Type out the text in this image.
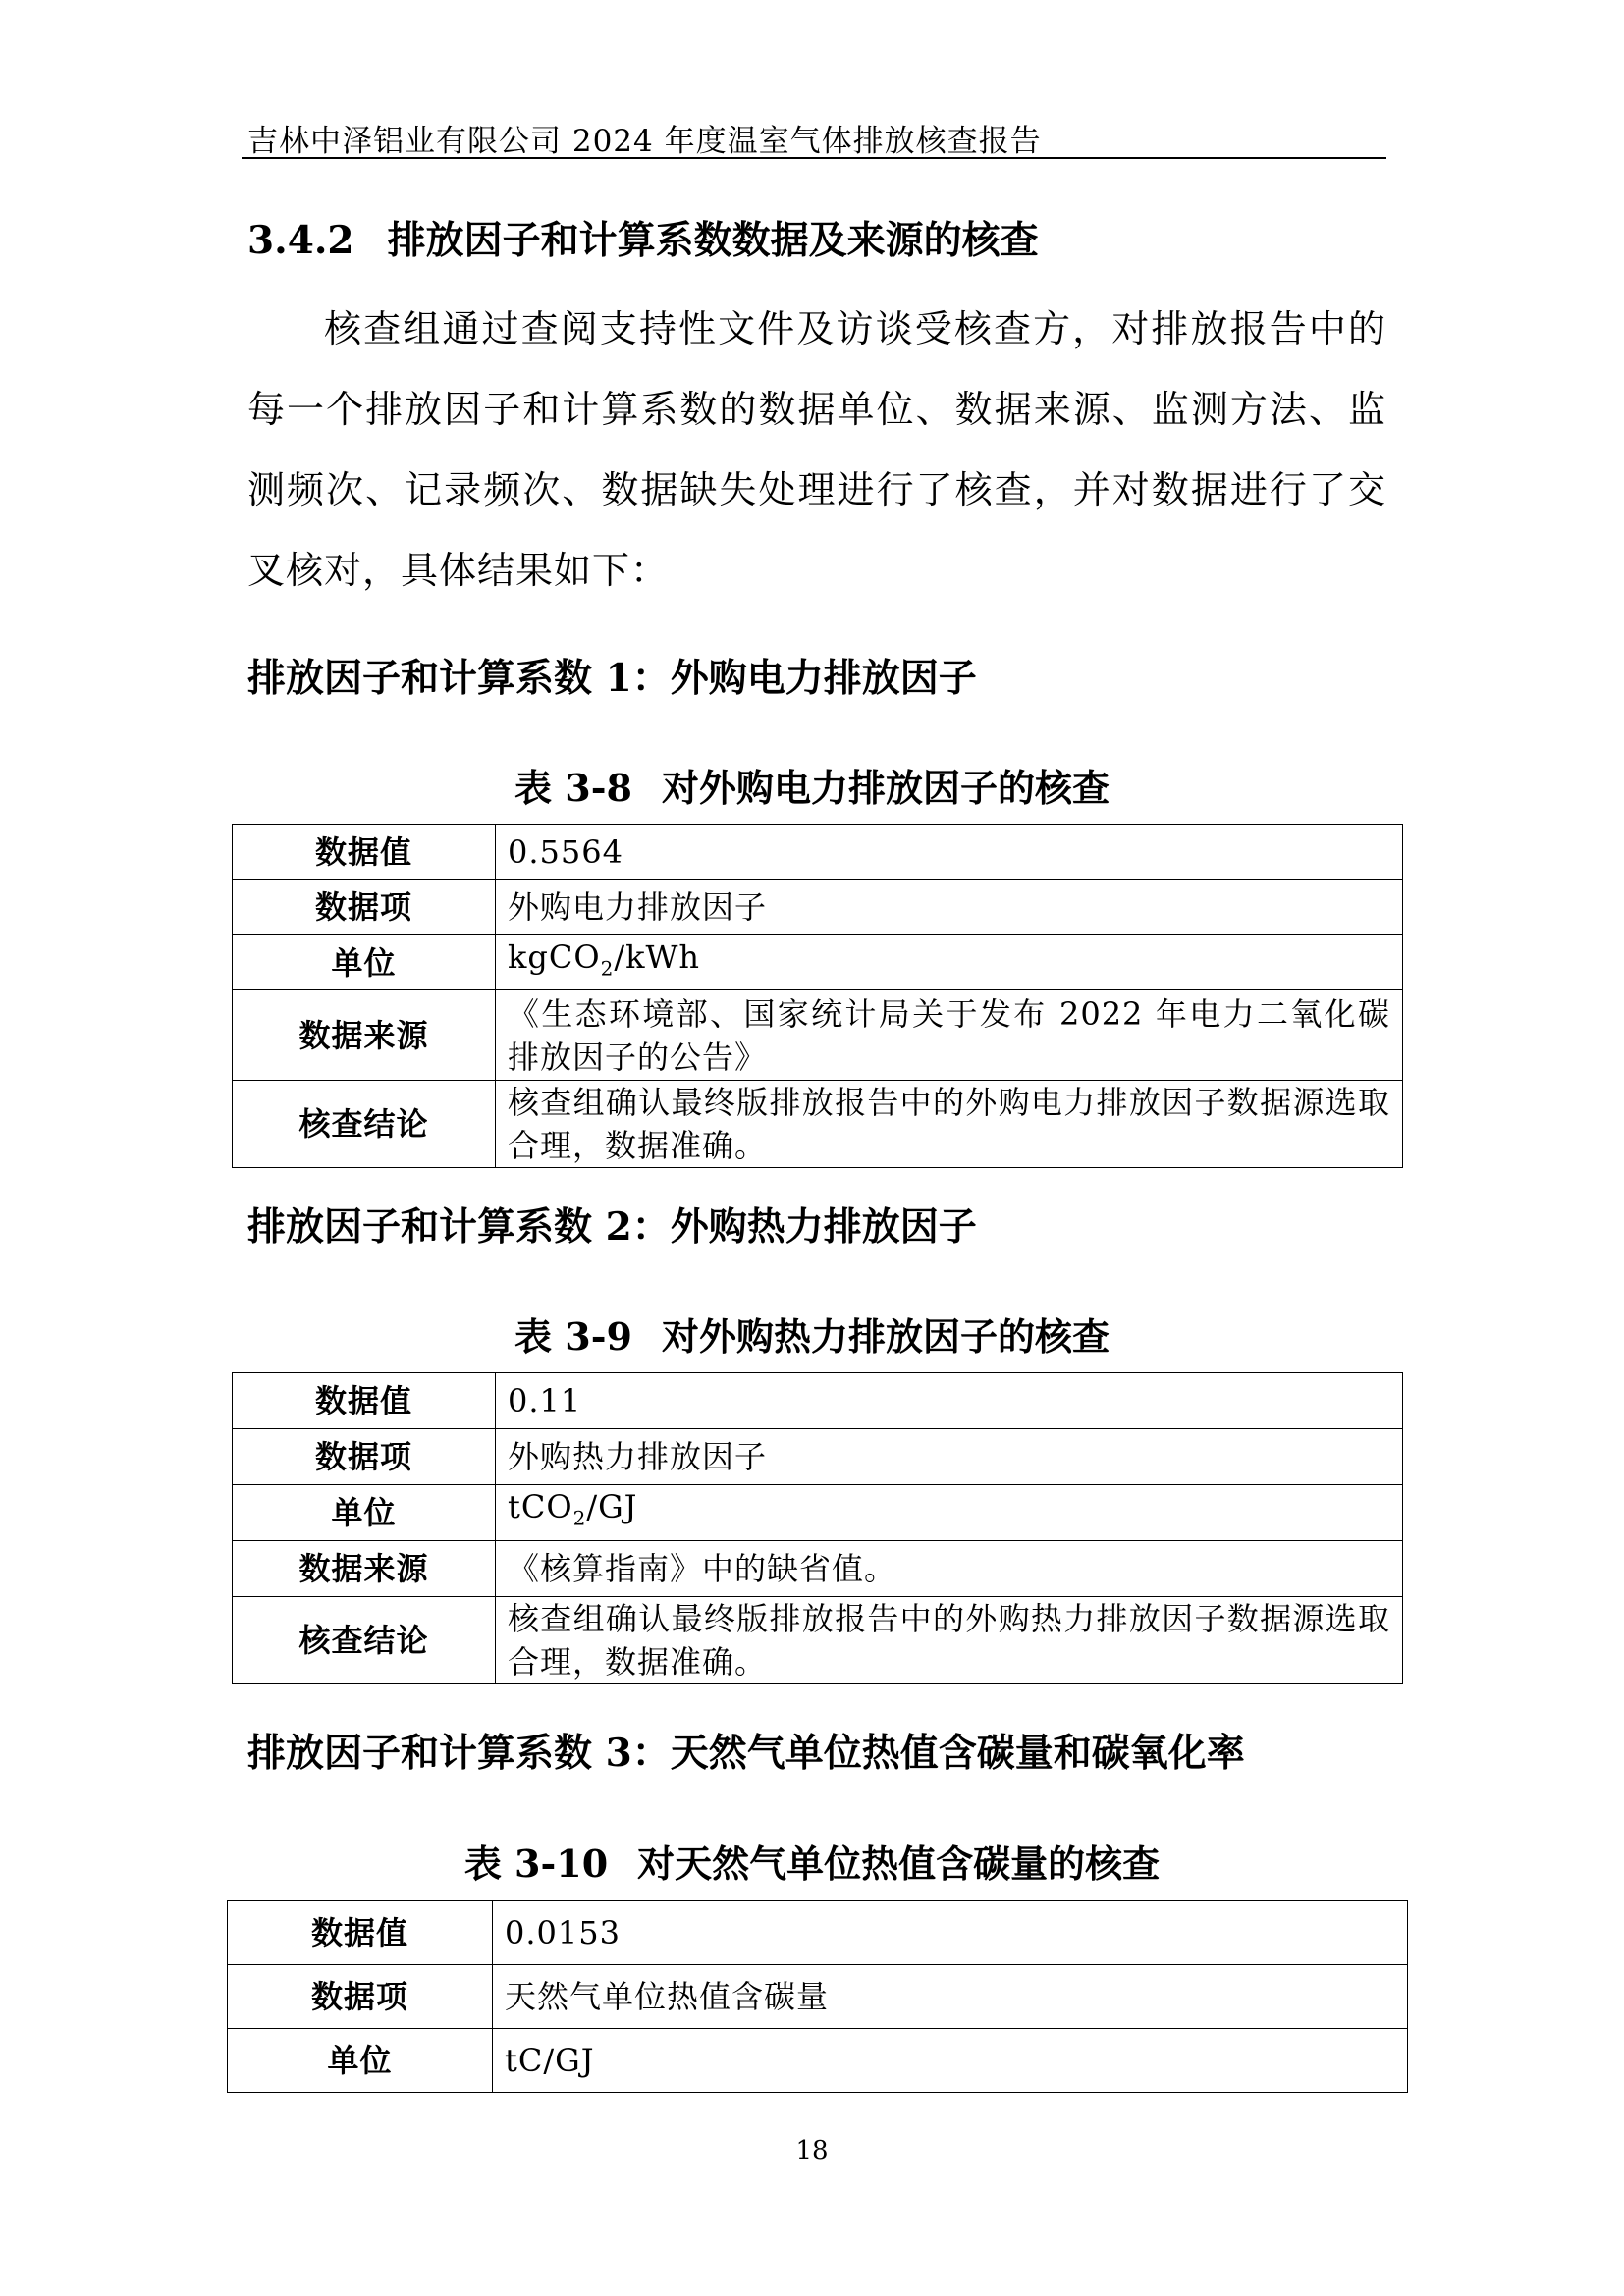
吉林中泽铝业有限公司 2024 年度温室气体排放核查报告
3.4.2 排放因子和计算系数数据及来源的核查
核查组通过查阅支持性文件及访谈受核查方，对排放报告中的每一个排放因子和计算系数的数据单位、数据来源、监测方法、监测频次、记录频次、数据缺失处理进行了核查，并对数据进行了交叉核对，具体结果如下：
排放因子和计算系数 1：外购电力排放因子
表 3-8 对外购电力排放因子的核查
数据值	0.5564
数据项	外购电力排放因子
单位	kgCO$_2$/kWh
数据来源	《生态环境部、国家统计局关于发布 2022 年电力二氧化碳排放因子的公告》
核查结论	核查组确认最终版排放报告中的外购电力排放因子数据源选取合理，数据准确。
排放因子和计算系数 2：外购热力排放因子
表 3-9 对外购热力排放因子的核查
数据值	0.11
数据项	外购热力排放因子
单位	tCO$_2$/GJ
数据来源	《核算指南》中的缺省值。
核查结论	核查组确认最终版排放报告中的外购热力排放因子数据源选取合理，数据准确。
排放因子和计算系数 3：天然气单位热值含碳量和碳氧化率
表 3-10 对天然气单位热值含碳量的核查
数据值	0.0153
数据项	天然气单位热值含碳量
单位	tC/GJ
18
